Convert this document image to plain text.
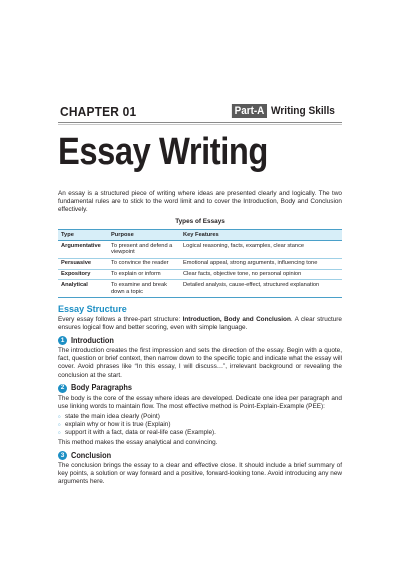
CHAPTER 01	Part-A Writing Skills
Essay Writing

An essay is a structured piece of writing where ideas are presented clearly and logically. The two fundamental rules are to stick to the word limit and to cover the Introduction, Body and Conclusion effectively.

Types of Essays
Type	Purpose	Key Features
Argumentative	To present and defend a viewpoint	Logical reasoning, facts, examples, clear stance
Persuasive	To convince the reader	Emotional appeal, strong arguments, influencing tone
Expository	To explain or inform	Clear facts, objective tone, no personal opinion
Analytical	To examine and break down a topic	Detailed analysis, cause-effect, structured explanation
Essay Structure

Every essay follows a three-part structure: Introduction, Body and Conclusion. A clear structure ensures logical flow and better scoring, even with simple language.

1 Introduction

The introduction creates the first impression and sets the direction of the essay. Begin with a quote, fact, question or brief context, then narrow down to the specific topic and indicate what the essay will cover. Avoid phrases like “In this essay, I will discuss…”, irrelevant background or revealing the conclusion at the start.

2 Body Paragraphs

The body is the core of the essay where ideas are developed. Dedicate one idea per paragraph and use linking words to maintain flow. The most effective method is Point-Explain-Example (PEE):

○ state the main idea clearly (Point)
○ explain why or how it is true (Explain)
○ support it with a fact, data or real-life case (Example).

This method makes the essay analytical and convincing.

3 Conclusion

The conclusion brings the essay to a clear and effective close. It should include a brief summary of key points, a solution or way forward and a positive, forward-looking tone. Avoid introducing any new arguments here.
